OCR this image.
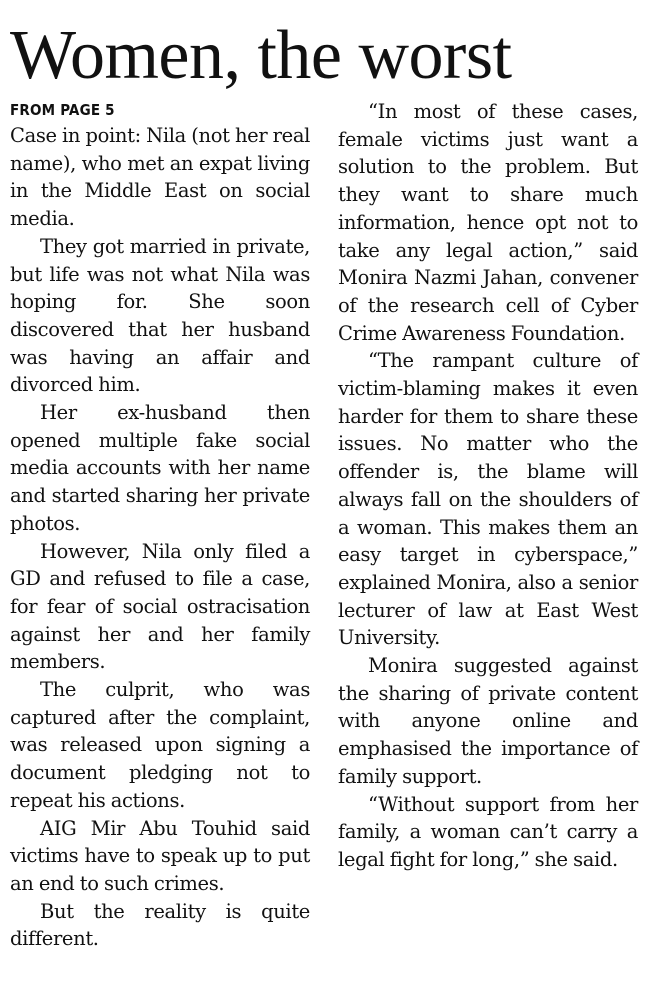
Women, the worst
FROM PAGE 5

Case in point: Nila (not her real name), who met an expat living in the Middle East on social media.

They got married in private, but life was not what Nila was hoping for. She soon discovered that her husband was having an affair and divorced him.

Her ex-husband then opened multiple fake social media accounts with her name and started sharing her private photos.

However, Nila only filed a GD and refused to file a case, for fear of social ostracisation against her and her family members.

The culprit, who was captured after the complaint, was released upon signing a document pledging not to repeat his actions.

AIG Mir Abu Touhid said victims have to speak up to put an end to such crimes.

But the reality is quite different.

“In most of these cases, female victims just want a solution to the problem. But they want to share much information, hence opt not to take any legal action,” said Monira Nazmi Jahan, convener of the research cell of Cyber Crime Awareness Foundation.

“The rampant culture of victim-blaming makes it even harder for them to share these issues. No matter who the offender is, the blame will always fall on the shoulders of a woman. This makes them an easy target in cyberspace,” explained Monira, also a senior lecturer of law at East West University.

Monira suggested against the sharing of private content with anyone online and emphasised the importance of family support.

“Without support from her family, a woman can’t carry a legal fight for long,” she said.
